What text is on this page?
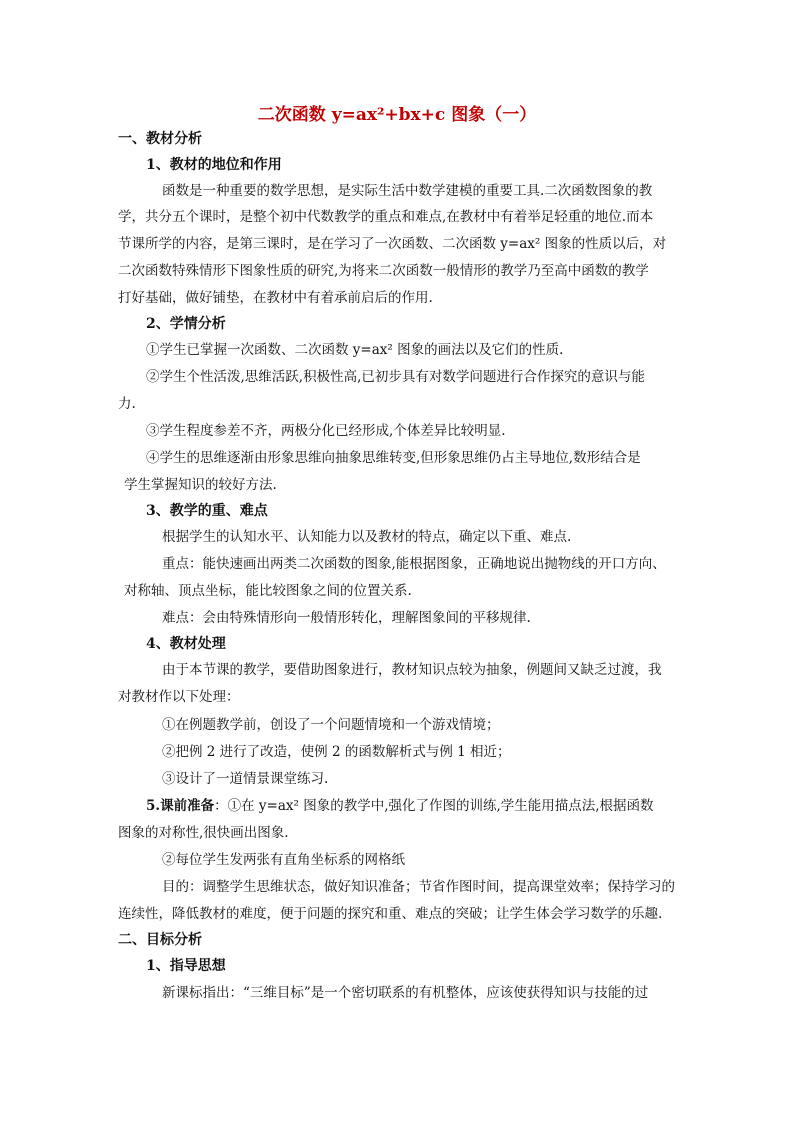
二次函数 y=ax²+bx+c 图象（一）
一、教材分析
1、教材的地位和作用
函数是一种重要的数学思想，是实际生活中数学建模的重要工具.二次函数图象的教
学，共分五个课时，是整个初中代数教学的重点和难点,在教材中有着举足轻重的地位.而本
节课所学的内容，是第三课时，是在学习了一次函数、二次函数 y=ax² 图象的性质以后，对
二次函数特殊情形下图象性质的研究,为将来二次函数一般情形的教学乃至高中函数的教学
打好基础，做好铺垫，在教材中有着承前启后的作用.
2、学情分析
①学生已掌握一次函数、二次函数 y=ax² 图象的画法以及它们的性质.
②学生个性活泼,思维活跃,积极性高,已初步具有对数学问题进行合作探究的意识与能
力.
③学生程度参差不齐，两极分化已经形成,个体差异比较明显.
④学生的思维逐渐由形象思维向抽象思维转变,但形象思维仍占主导地位,数形结合是
学生掌握知识的较好方法.
3、教学的重、难点
根据学生的认知水平、认知能力以及教材的特点，确定以下重、难点.
重点：能快速画出两类二次函数的图象,能根据图象，正确地说出抛物线的开口方向、
对称轴、顶点坐标，能比较图象之间的位置关系.
难点：会由特殊情形向一般情形转化，理解图象间的平移规律.
4、教材处理
由于本节课的教学，要借助图象进行，教材知识点较为抽象，例题间又缺乏过渡，我
对教材作以下处理：
①在例题教学前，创设了一个问题情境和一个游戏情境；
②把例 2 进行了改造，使例 2 的函数解析式与例 1 相近；
③设计了一道情景课堂练习.
5.课前准备：①在 y=ax² 图象的教学中,强化了作图的训练,学生能用描点法,根据函数
图象的对称性,很快画出图象.
②每位学生发两张有直角坐标系的网格纸
目的：调整学生思维状态，做好知识准备；节省作图时间，提高课堂效率；保持学习的
连续性，降低教材的难度，便于问题的探究和重、难点的突破；让学生体会学习数学的乐趣.
二、目标分析
1、指导思想
新课标指出：“三维目标”是一个密切联系的有机整体，应该使获得知识与技能的过
